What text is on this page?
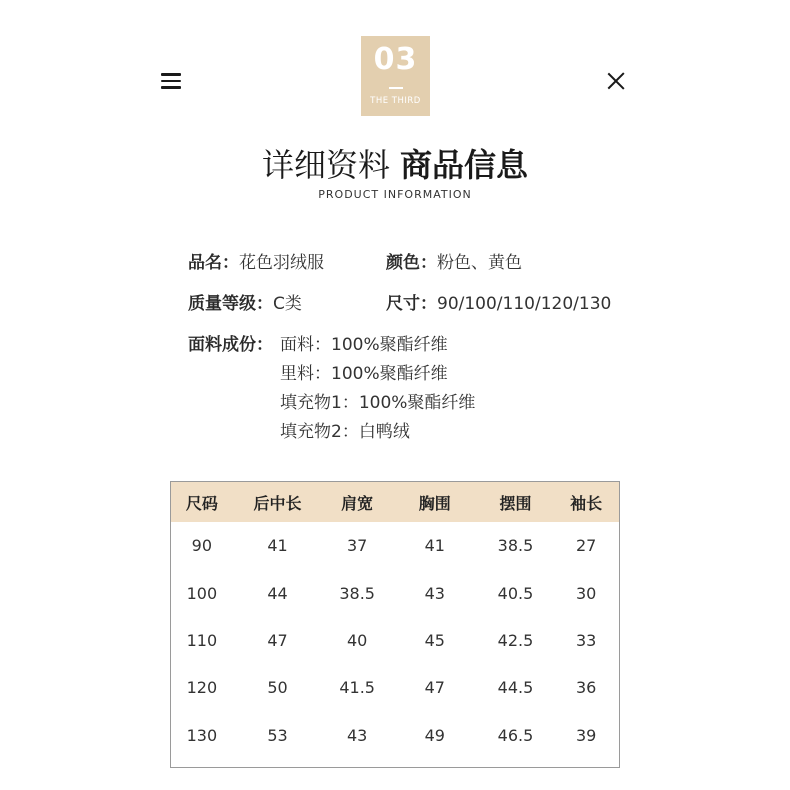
03
THE THIRD
详细资料 商品信息
PRODUCT INFORMATION
品名：花色羽绒服	颜色：粉色、黄色
质量等级：C类	尺寸：90/100/110/120/130
面料成份： 面料：100%聚酯纤维
里料：100%聚酯纤维
填充物1：100%聚酯纤维
填充物2：白鸭绒
尺码	后中长	肩宽	胸围	摆围	袖长
90	41	37	41	38.5	27
100	44	38.5	43	40.5	30
110	47	40	45	42.5	33
120	50	41.5	47	44.5	36
130	53	43	49	46.5	39
